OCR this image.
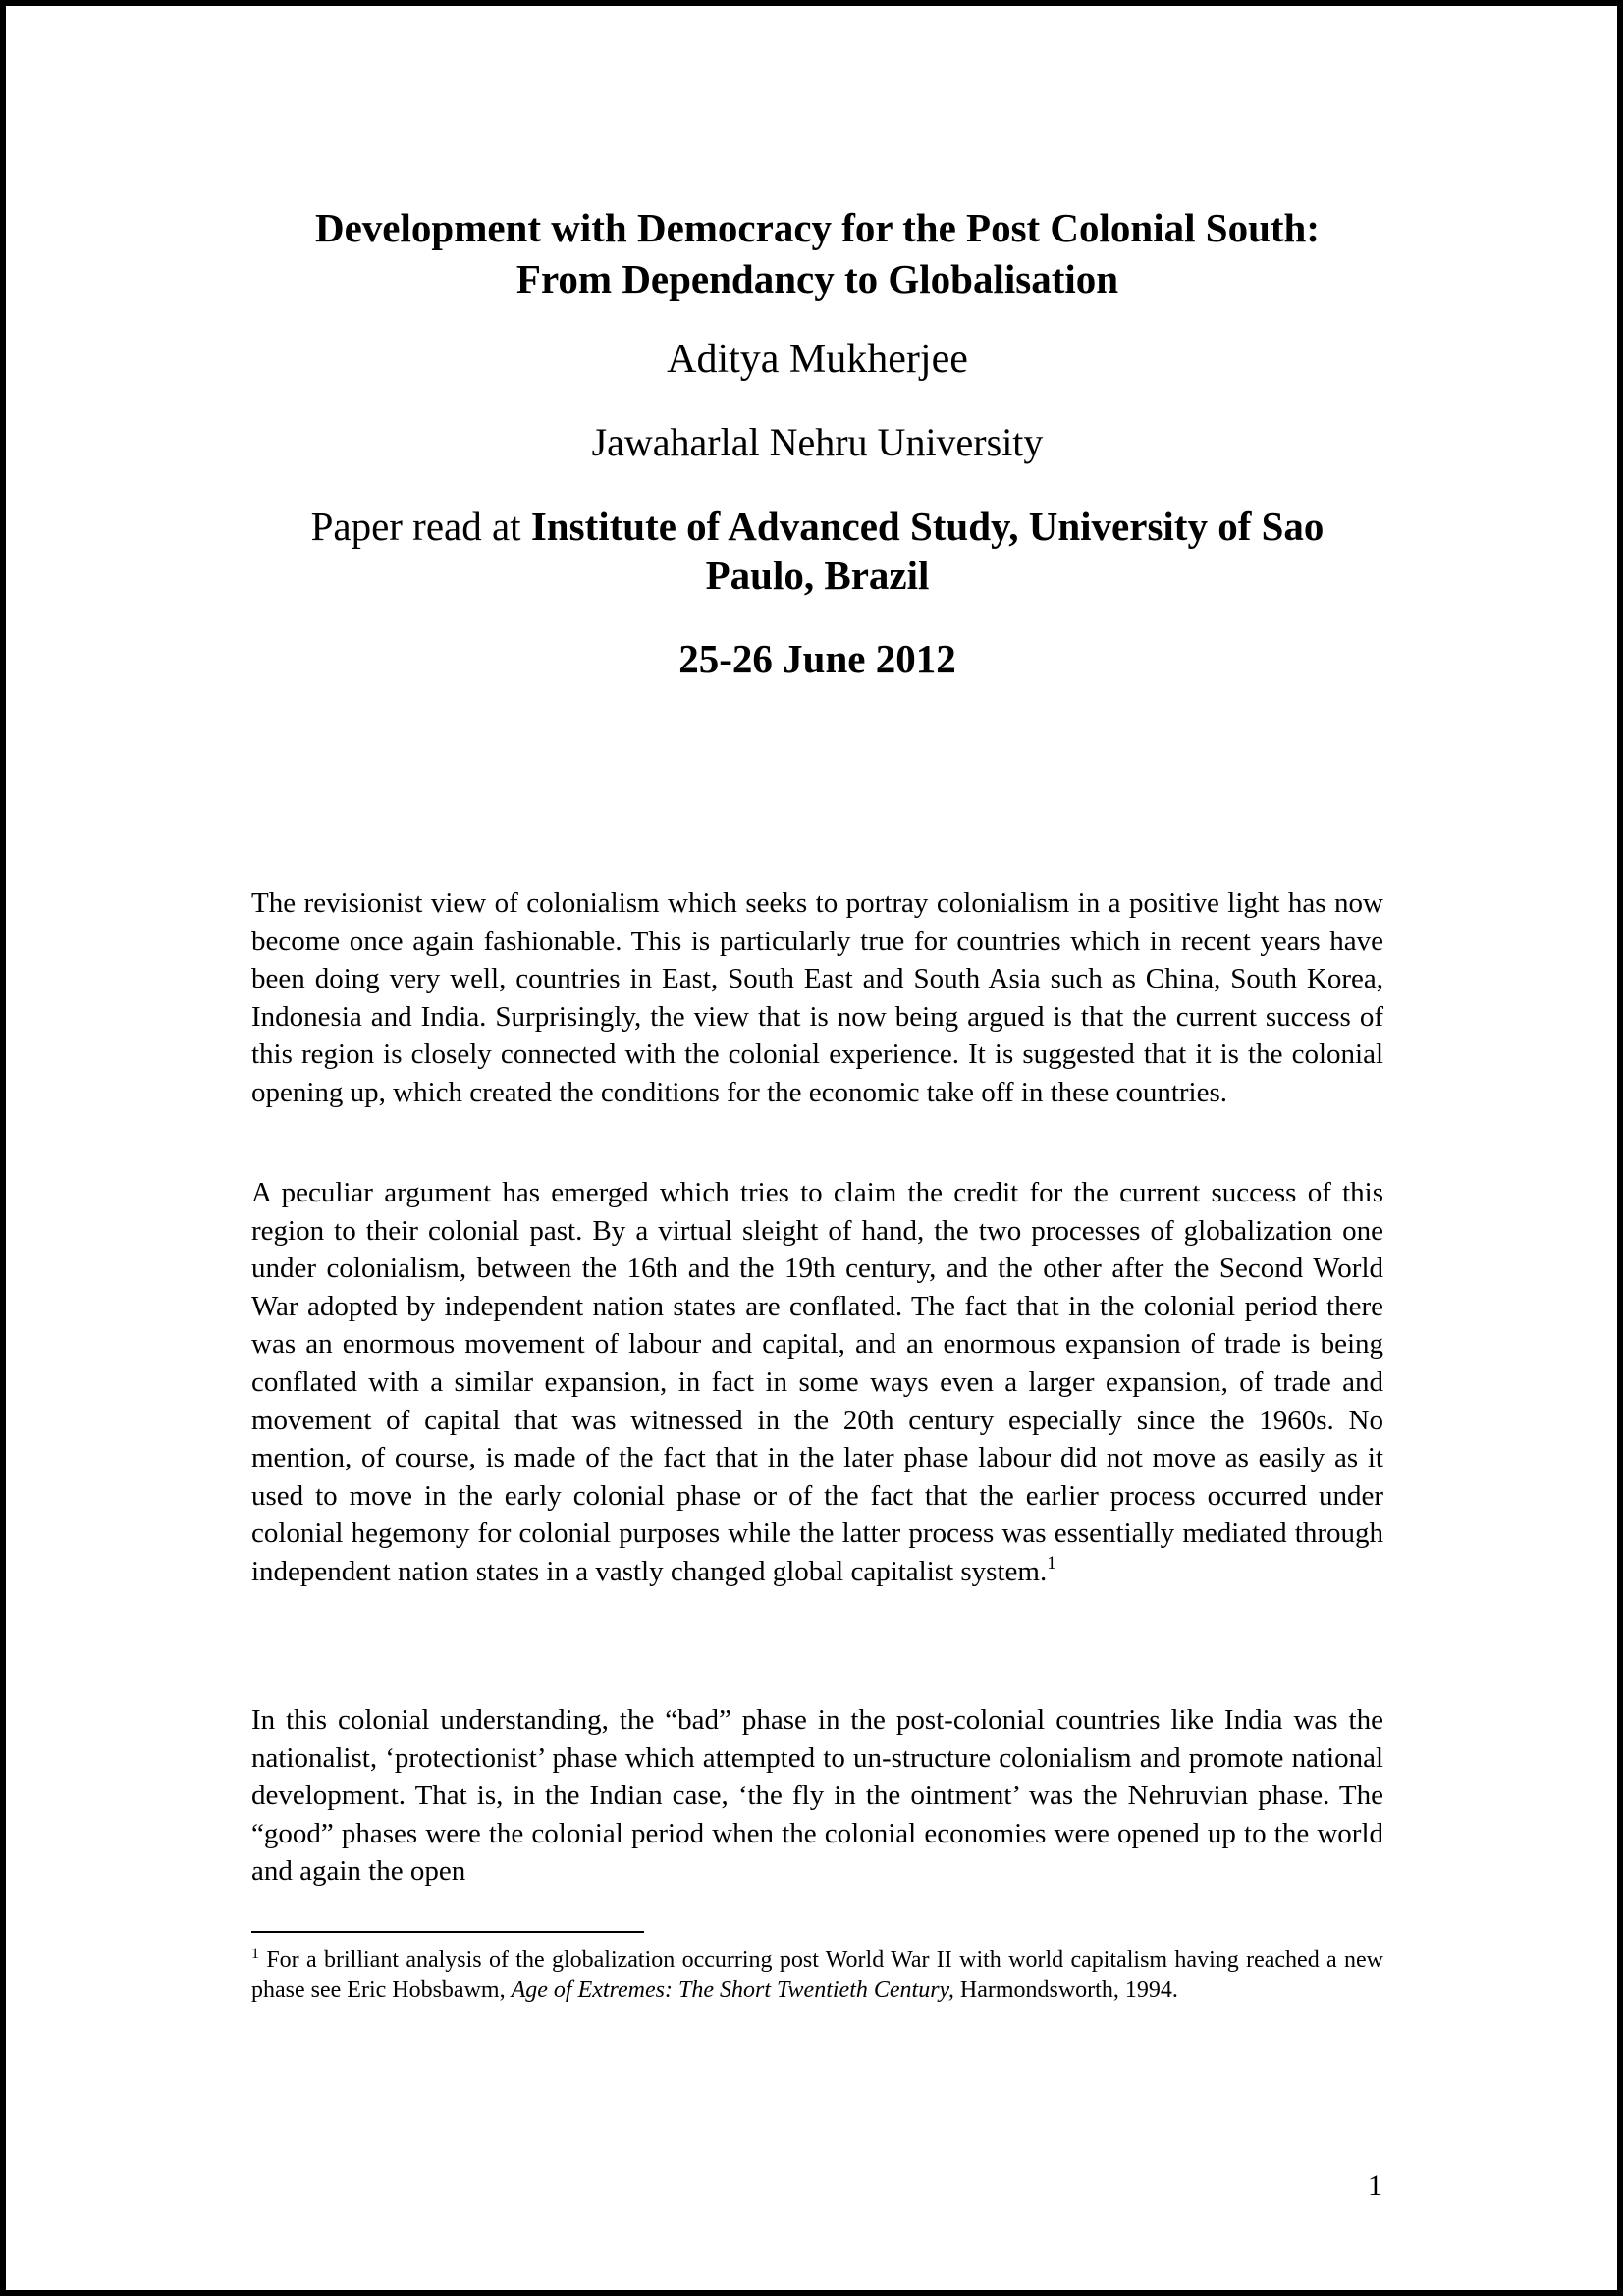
Development with Democracy for the Post Colonial South:
From Dependancy to Globalisation

Aditya Mukherjee

Jawaharlal Nehru University

Paper read at Institute of Advanced Study, University of Sao
Paulo, Brazil

25-26 June 2012

The revisionist view of colonialism which seeks to portray colonialism in a positive light has now become once again fashionable. This is particularly true for countries which in recent years have been doing very well, countries in East, South East and South Asia such as China, South Korea, Indonesia and India. Surprisingly, the view that is now being argued is that the current success of this region is closely connected with the colonial experience. It is suggested that it is the colonial opening up, which created the conditions for the economic take off in these countries.

A peculiar argument has emerged which tries to claim the credit for the current success of this region to their colonial past. By a virtual sleight of hand, the two processes of globalization one under colonialism, between the 16th and the 19th century, and the other after the Second World War adopted by independent nation states are conflated. The fact that in the colonial period there was an enormous movement of labour and capital, and an enormous expansion of trade is being conflated with a similar expansion, in fact in some ways even a larger expansion, of trade and movement of capital that was witnessed in the 20th century especially since the 1960s. No mention, of course, is made of the fact that in the later phase labour did not move as easily as it used to move in the early colonial phase or of the fact that the earlier process occurred under colonial hegemony for colonial purposes while the latter process was essentially mediated through independent nation states in a vastly changed global capitalist system.$^1$

In this colonial understanding, the “bad” phase in the post-colonial countries like India was the nationalist, ‘protectionist’ phase which attempted to un-structure colonialism and promote national development. That is, in the Indian case, ‘the fly in the ointment’ was the Nehruvian phase. The “good” phases were the colonial period when the colonial economies were opened up to the world and again the open

$^1$ For a brilliant analysis of the globalization occurring post World War II with world capitalism having reached a new phase see Eric Hobsbawm, Age of Extremes: The Short Twentieth Century, Harmondsworth, 1994.

1
